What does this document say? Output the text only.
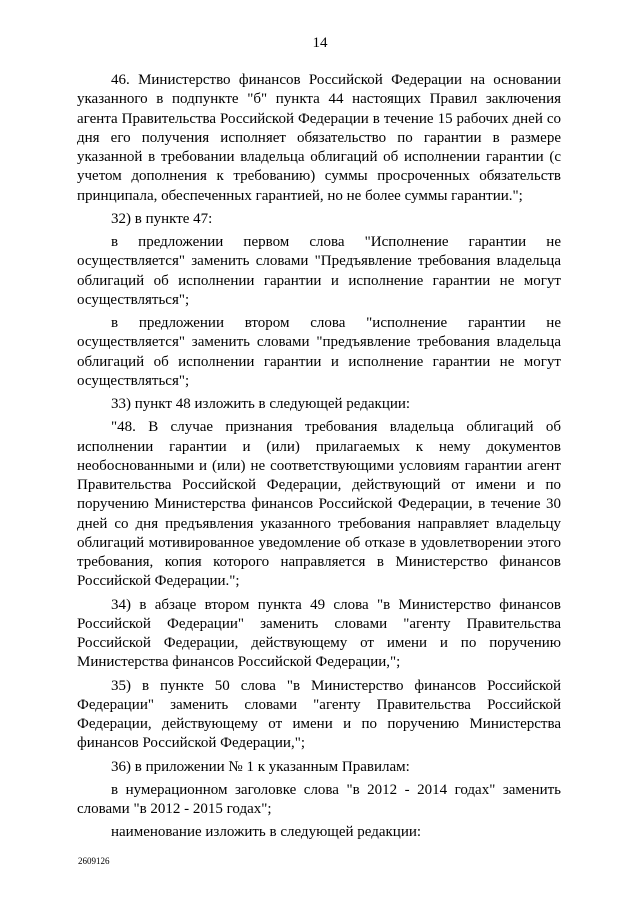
14

46. Министерство финансов Российской Федерации на основании указанного в подпункте "б" пункта 44 настоящих Правил заключения агента Правительства Российской Федерации в течение 15 рабочих дней со дня его получения исполняет обязательство по гарантии в размере указанной в требовании владельца облигаций об исполнении гарантии (с учетом дополнения к требованию) суммы просроченных обязательств принципала, обеспеченных гарантией, но не более суммы гарантии.";

32) в пункте 47:

в предложении первом слова "Исполнение гарантии не осуществляется" заменить словами "Предъявление требования владельца облигаций об исполнении гарантии и исполнение гарантии не могут осуществляться";

в предложении втором слова "исполнение гарантии не осуществляется" заменить словами "предъявление требования владельца облигаций об исполнении гарантии и исполнение гарантии не могут осуществляться";

33) пункт 48 изложить в следующей редакции:

"48. В случае признания требования владельца облигаций об исполнении гарантии и (или) прилагаемых к нему документов необоснованными и (или) не соответствующими условиям гарантии агент Правительства Российской Федерации, действующий от имени и по поручению Министерства финансов Российской Федерации, в течение 30 дней со дня предъявления указанного требования направляет владельцу облигаций мотивированное уведомление об отказе в удовлетворении этого требования, копия которого направляется в Министерство финансов Российской Федерации.";

34) в абзаце втором пункта 49 слова "в Министерство финансов Российской Федерации" заменить словами "агенту Правительства Российской Федерации, действующему от имени и по поручению Министерства финансов Российской Федерации,";

35) в пункте 50 слова "в Министерство финансов Российской Федерации" заменить словами "агенту Правительства Российской Федерации, действующему от имени и по поручению Министерства финансов Российской Федерации,";

36) в приложении № 1 к указанным Правилам:

в нумерационном заголовке слова "в 2012 - 2014 годах" заменить словами "в 2012 - 2015 годах";

наименование изложить в следующей редакции:

2609126
